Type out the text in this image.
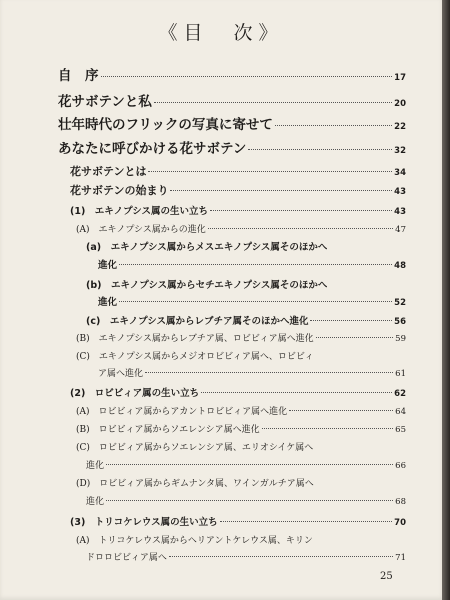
《目　次》
自　序	17
花サボテンと私	20
壮年時代のフリックの写真に寄せて	22
あなたに呼びかける花サボテン	32
花サボテンとは	34
花サボテンの始まり	43
(1)　エキノプシス属の生い立ち	43
(A)　エキノプシス属からの進化	47
(a)　エキノプシス属からメスエキノプシス属そのほかへ
進化	48
(b)　エキノプシス属からセチエキノプシス属そのほかへ
進化	52
(c)　エキノプシス属からレブチア属そのほかへ進化	56
(B)　エキノプシス属からレブチア属、ロビビィア属へ進化	59
(C)　エキノプシス属からメジオロビビィア属へ、ロビビィ
ア属へ進化	61
(2)　ロビビィア属の生い立ち	62
(A)　ロビビィア属からアカントロビビィア属へ進化	64
(B)　ロビビィア属からソエレンシア属へ進化	65
(C)　ロビビィア属からソエレンシア属、エリオシイケ属へ
進化	66
(D)　ロビビィア属からギムナンタ属、ワインガルチア属へ
進化	68
(3)　トリコケレウス属の生い立ち	70
(A)　トリコケレウス属からヘリアントケレウス属、キリン
ドロロビビィア属へ	71
25
